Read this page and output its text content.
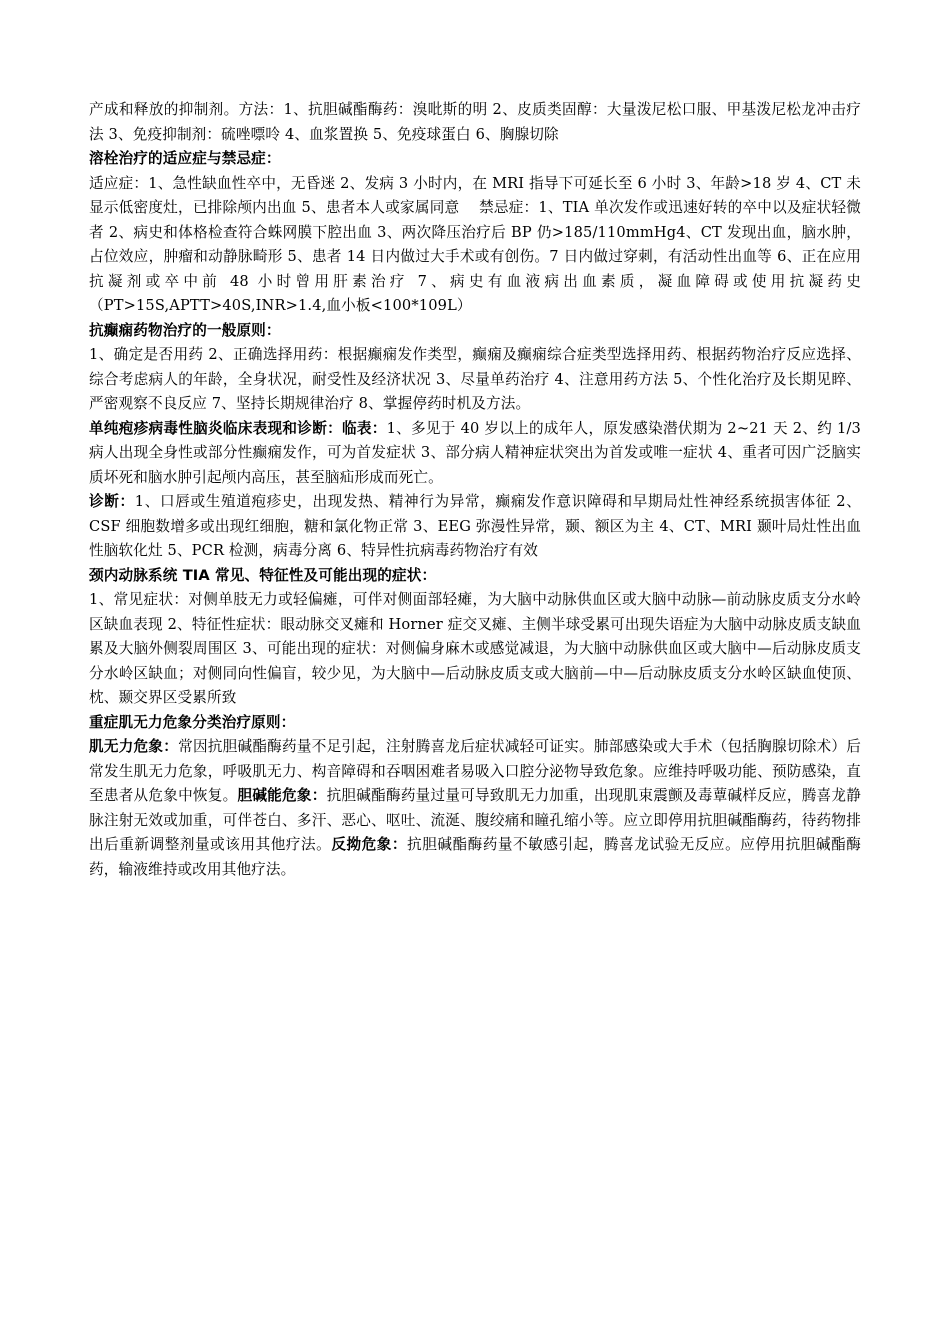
产成和释放的抑制剂。方法：1、抗胆碱酯酶药：溴吡斯的明 2、皮质类固醇：大量泼尼松口服、甲基泼尼松龙冲击疗法 3、免疫抑制剂：硫唑嘌呤 4、血浆置换 5、免疫球蛋白 6、胸腺切除

溶栓治疗的适应症与禁忌症：

适应症：1、急性缺血性卒中，无昏迷 2、发病 3 小时内，在 MRI 指导下可延长至 6 小时 3、年龄>18 岁 4、CT 未显示低密度灶，已排除颅内出血 5、患者本人或家属同意　 禁忌症：1、TIA 单次发作或迅速好转的卒中以及症状轻微者 2、病史和体格检查符合蛛网膜下腔出血 3、两次降压治疗后 BP 仍>185/110mmHg4、CT 发现出血，脑水肿，占位效应，肿瘤和动静脉畸形 5、患者 14 日内做过大手术或有创伤。7 日内做过穿刺，有活动性出血等 6、正在应用抗凝剂或卒中前 48 小时曾用肝素治疗 7、病史有血液病出血素质，凝血障碍或使用抗凝药史（PT>15S,APTT>40S,INR>1.4,血小板<100*109L）

抗癫痫药物治疗的一般原则：

1、确定是否用药 2、正确选择用药：根据癫痫发作类型，癫痫及癫痫综合症类型选择用药、根据药物治疗反应选择、综合考虑病人的年龄，全身状况，耐受性及经济状况 3、尽量单药治疗 4、注意用药方法 5、个性化治疗及长期见睟、严密观察不良反应 7、坚持长期规律治疗 8、掌握停药时机及方法。

单纯疱疹病毒性脑炎临床表现和诊断：临表：1、多见于 40 岁以上的成年人，原发感染潜伏期为 2~21 天 2、约 1/3 病人出现全身性或部分性癫痫发作，可为首发症状 3、部分病人精神症状突出为首发或唯一症状 4、重者可因广泛脑实质坏死和脑水肿引起颅内高压，甚至脑疝形成而死亡。

诊断：1、口唇或生殖道疱疹史，出现发热、精神行为异常，癫痫发作意识障碍和早期局灶性神经系统损害体征 2、CSF 细胞数增多或出现红细胞，糖和氯化物正常 3、EEG 弥漫性异常，颞、额区为主 4、CT、MRI 颞叶局灶性出血性脑软化灶 5、PCR 检测，病毒分离 6、特异性抗病毒药物治疗有效

颈内动脉系统 TIA 常见、特征性及可能出现的症状：

1、常见症状：对侧单肢无力或轻偏瘫，可伴对侧面部轻瘫，为大脑中动脉供血区或大脑中动脉—前动脉皮质支分水岭区缺血表现 2、特征性症状：眼动脉交叉瘫和 Horner 症交叉瘫、主侧半球受累可出现失语症为大脑中动脉皮质支缺血累及大脑外侧裂周围区 3、可能出现的症状：对侧偏身麻木或感觉减退，为大脑中动脉供血区或大脑中—后动脉皮质支分水岭区缺血；对侧同向性偏盲，较少见，为大脑中—后动脉皮质支或大脑前—中—后动脉皮质支分水岭区缺血使顶、枕、颞交界区受累所致

重症肌无力危象分类治疗原则：

肌无力危象：常因抗胆碱酯酶药量不足引起，注射腾喜龙后症状减轻可证实。肺部感染或大手术（包括胸腺切除术）后常发生肌无力危象，呼吸肌无力、构音障碍和吞咽困难者易吸入口腔分泌物导致危象。应维持呼吸功能、预防感染，直至患者从危象中恢复。胆碱能危象：抗胆碱酯酶药量过量可导致肌无力加重，出现肌束震颤及毒蕈碱样反应，腾喜龙静脉注射无效或加重，可伴苍白、多汗、恶心、呕吐、流涎、腹绞痛和瞳孔缩小等。应立即停用抗胆碱酯酶药，待药物排出后重新调整剂量或该用其他疗法。反拗危象：抗胆碱酯酶药量不敏感引起，腾喜龙试验无反应。应停用抗胆碱酯酶药，输液维持或改用其他疗法。
